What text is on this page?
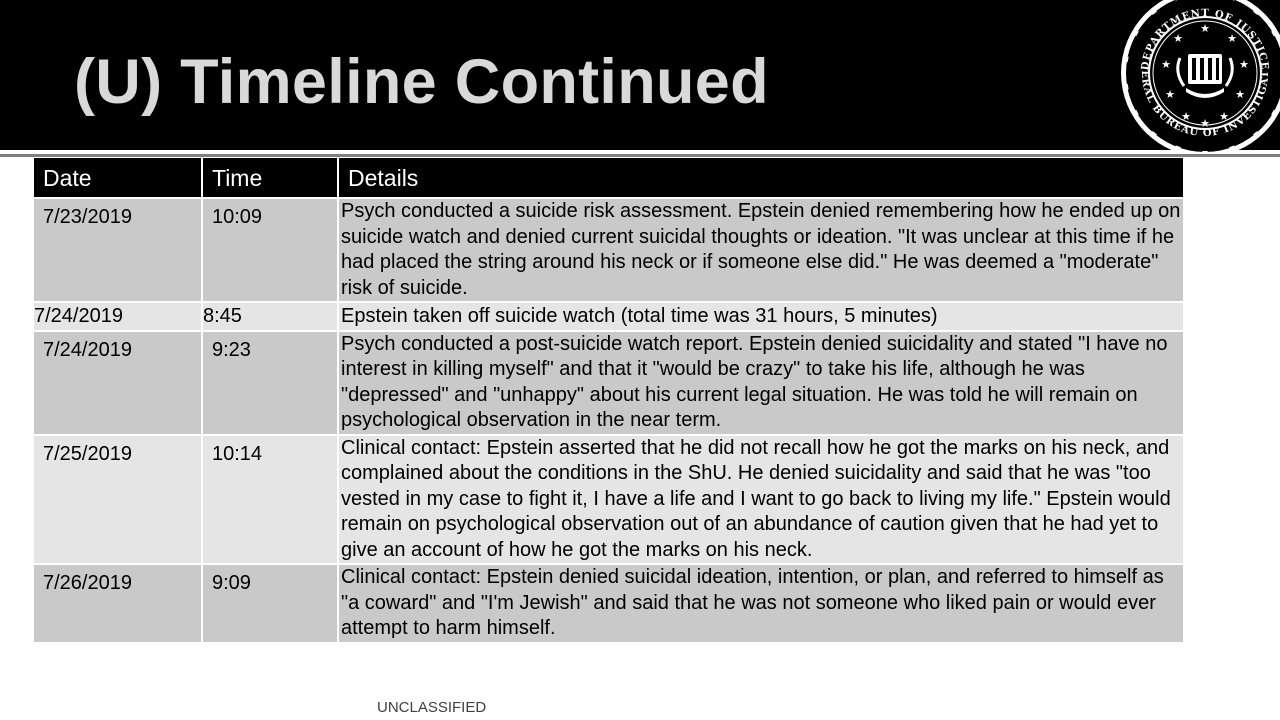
(U) Timeline Continued
★
★	★
★	★
★	★
★	★
★
DEPARTMENT OF JUSTICE
ERAL BUREAU OF INVESTIGAT
Date	Time	Details
7/23/2019	10:09	Psych conducted a suicide risk assessment. Epstein denied remembering how he ended up on suicide watch and denied current suicidal thoughts or ideation. "It was unclear at this time if he had placed the string around his neck or if someone else did." He was deemed a "moderate" risk of suicide.
7/24/2019	8:45	Epstein taken off suicide watch (total time was 31 hours, 5 minutes)
7/24/2019	9:23	Psych conducted a post-suicide watch report. Epstein denied suicidality and stated "I have no interest in killing myself" and that it "would be crazy" to take his life, although he was "depressed" and "unhappy" about his current legal situation. He was told he will remain on psychological observation in the near term.
7/25/2019	10:14	Clinical contact: Epstein asserted that he did not recall how he got the marks on his neck, and complained about the conditions in the ShU. He denied suicidality and said that he was "too vested in my case to fight it, I have a life and I want to go back to living my life." Epstein would remain on psychological observation out of an abundance of caution given that he had yet to give an account of how he got the marks on his neck.
7/26/2019	9:09	Clinical contact: Epstein denied suicidal ideation, intention, or plan, and referred to himself as "a coward" and "I'm Jewish" and said that he was not someone who liked pain or would ever attempt to harm himself.
UNCLASSIFIED
